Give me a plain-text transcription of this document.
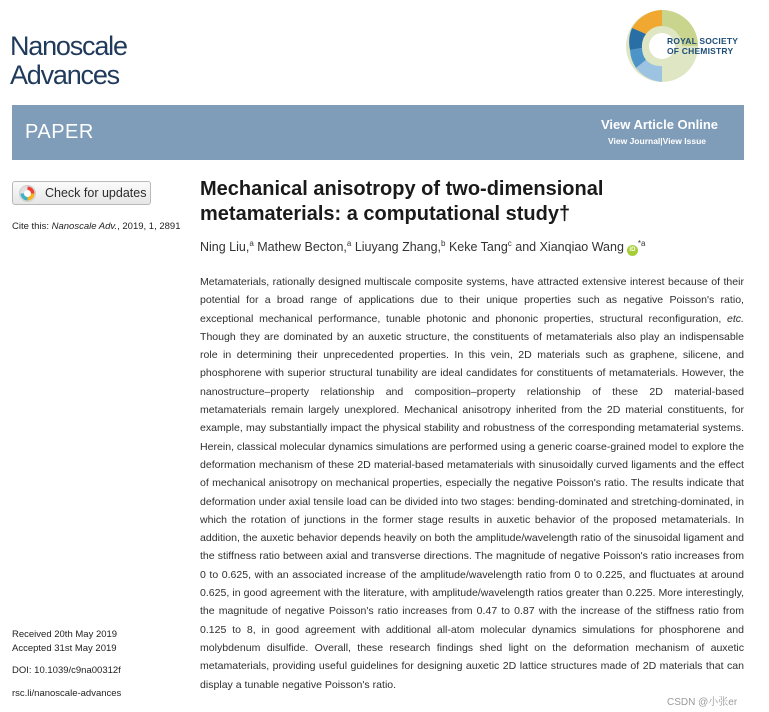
Nanoscale
Advances
ROYAL SOCIETY
OF CHEMISTRY
PAPER	View Article Online
View Journal|View Issue
Check for updates
Cite this: Nanoscale Adv., 2019, 1, 2891
Mechanical anisotropy of two-dimensional metamaterials: a computational study†
Ning Liu,$^a$ Mathew Becton,$^a$ Liuyang Zhang,$^b$ Keke Tang$^c$ and Xianqiao Wang $iD^{*a}$
Metamaterials, rationally designed multiscale composite systems, have attracted extensive interest because of their potential for a broad range of applications due to their unique properties such as negative Poisson's ratio, exceptional mechanical performance, tunable photonic and phononic properties, structural reconfiguration, etc. Though they are dominated by an auxetic structure, the constituents of metamaterials also play an indispensable role in determining their unprecedented properties. In this vein, 2D materials such as graphene, silicene, and phosphorene with superior structural tunability are ideal candidates for constituents of metamaterials. However, the nanostructure–property relationship and composition–property relationship of these 2D material-based metamaterials remain largely unexplored. Mechanical anisotropy inherited from the 2D material constituents, for example, may substantially impact the physical stability and robustness of the corresponding metamaterial systems. Herein, classical molecular dynamics simulations are performed using a generic coarse-grained model to explore the deformation mechanism of these 2D material-based metamaterials with sinusoidally curved ligaments and the effect of mechanical anisotropy on mechanical properties, especially the negative Poisson's ratio. The results indicate that deformation under axial tensile load can be divided into two stages: bending-dominated and stretching-dominated, in which the rotation of junctions in the former stage results in auxetic behavior of the proposed metamaterials. In addition, the auxetic behavior depends heavily on both the amplitude/wavelength ratio of the sinusoidal ligament and the stiffness ratio between axial and transverse directions. The magnitude of negative Poisson's ratio increases from 0 to 0.625, with an associated increase of the amplitude/wavelength ratio from 0 to 0.225, and fluctuates at around 0.625, in good agreement with the literature, with amplitude/wavelength ratios greater than 0.225. More interestingly, the magnitude of negative Poisson's ratio increases from 0.47 to 0.87 with the increase of the stiffness ratio from 0.125 to 8, in good agreement with additional all-atom molecular dynamics simulations for phosphorene and molybdenum disulfide. Overall, these research findings shed light on the deformation mechanism of auxetic metamaterials, providing useful guidelines for designing auxetic 2D lattice structures made of 2D materials that can display a tunable negative Poisson's ratio.
Received 20th May 2019
Accepted 31st May 2019
DOI: 10.1039/c9na00312f
rsc.li/nanoscale-advances
CSDN @小张er
